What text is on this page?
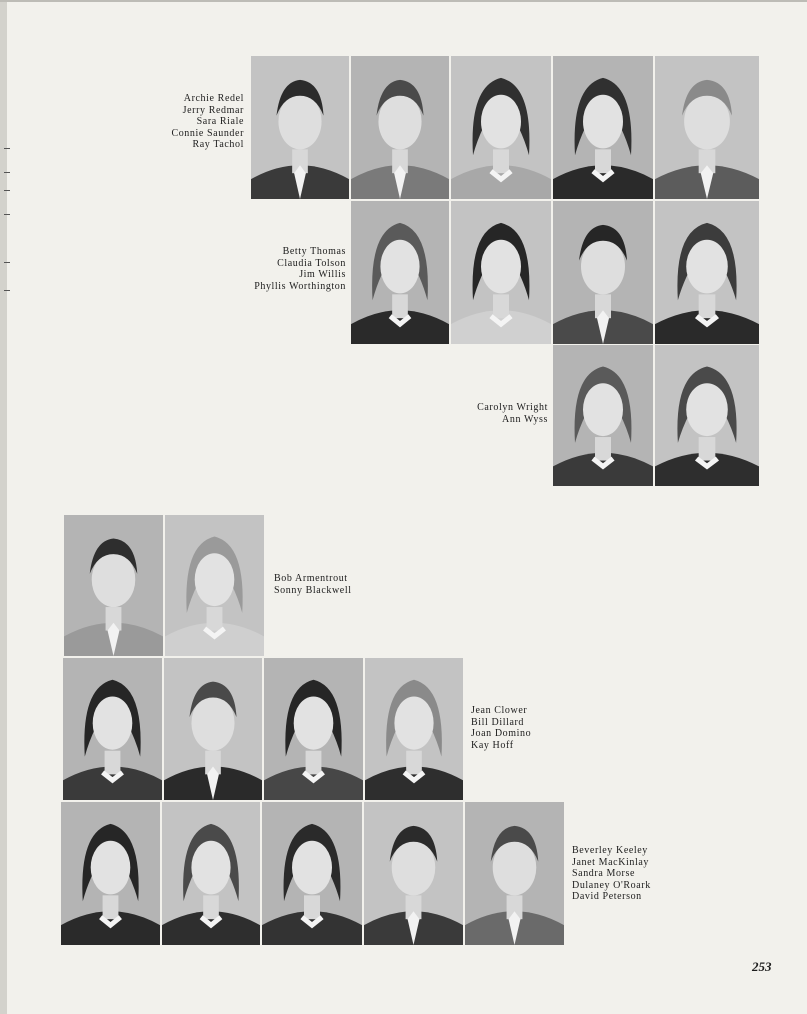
Archie Redel
Jerry Redmar
Sara Riale
Connie Saunder
Ray Tachol
Betty Thomas
Claudia Tolson
Jim Willis
Phyllis Worthington
Carolyn Wright
Ann Wyss
Bob Armentrout
Sonny Blackwell
Jean Clower
Bill Dillard
Joan Domino
Kay Hoff
Beverley Keeley
Janet MacKinlay
Sandra Morse
Dulaney O'Roark
David Peterson
253
